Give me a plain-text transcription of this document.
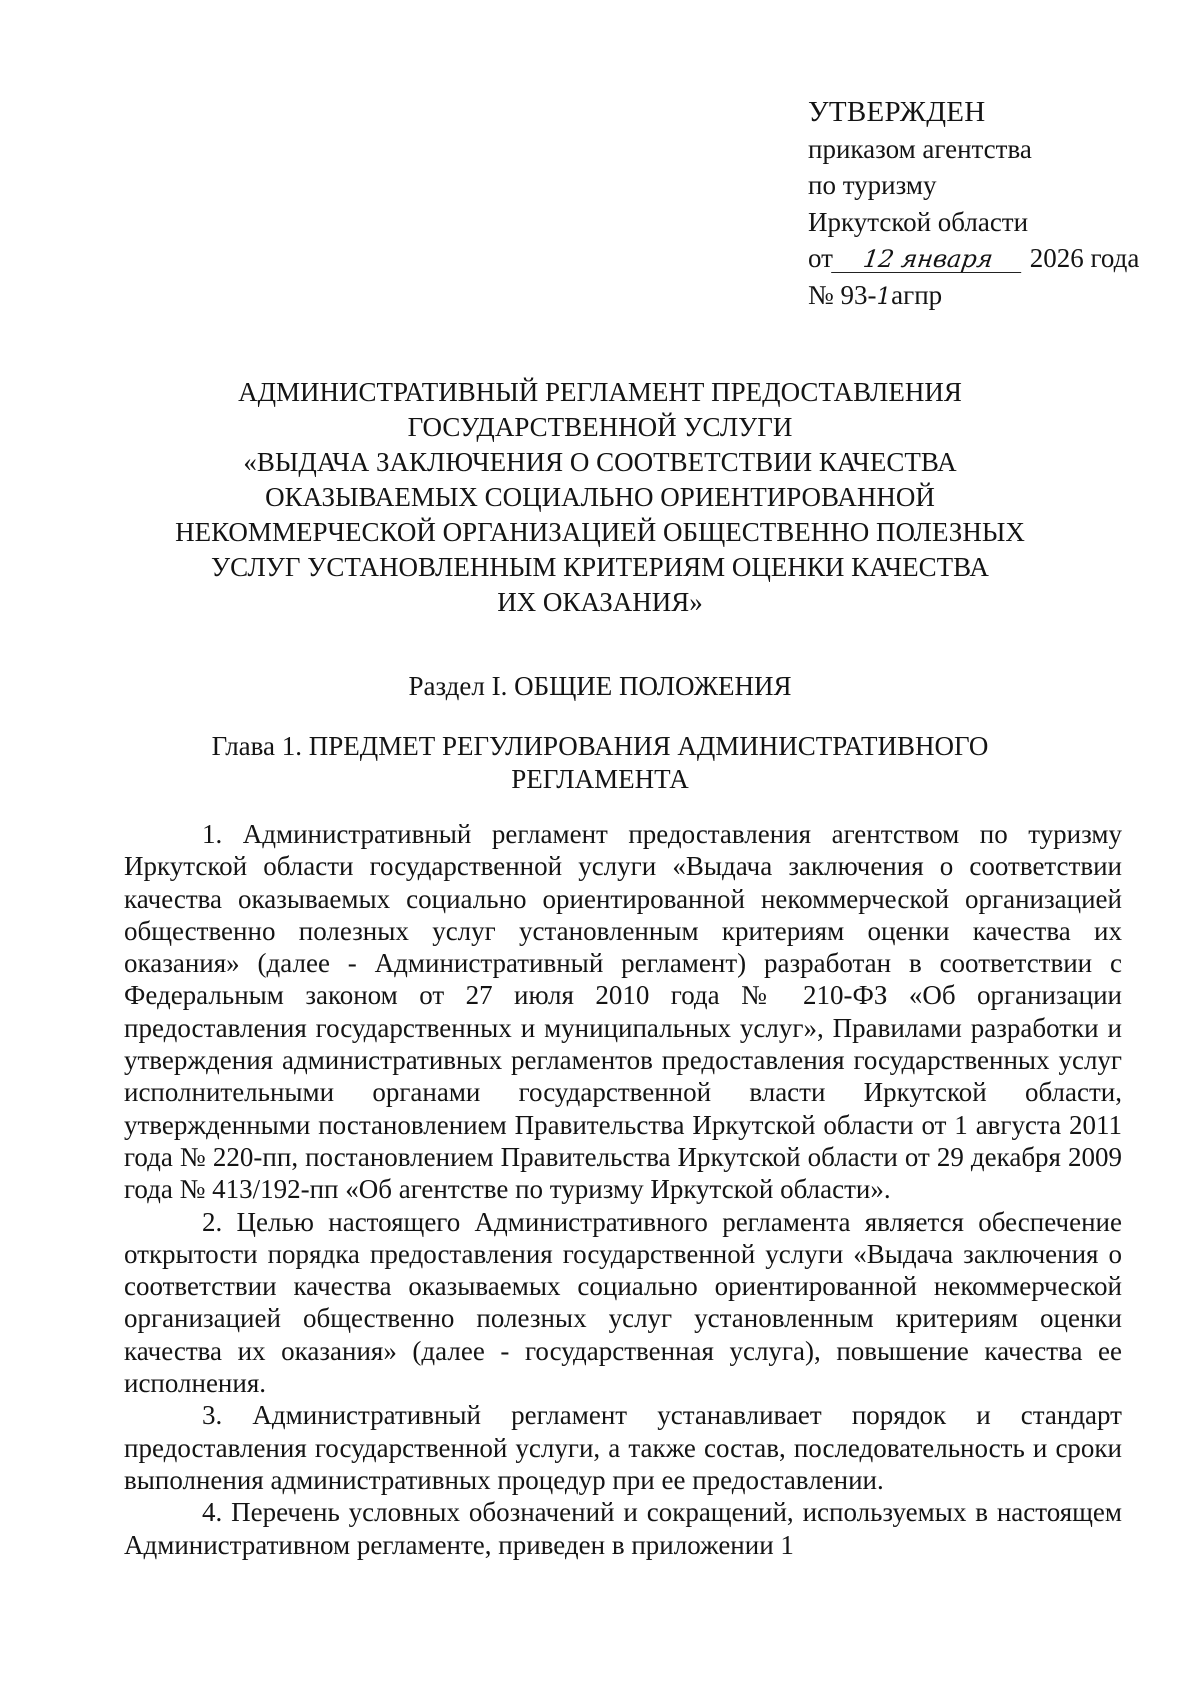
УТВЕРЖДЕН
приказом агентства
по туризму
Иркутской области
от 12 января 2026 года
№ 93-1агпр
АДМИНИСТРАТИВНЫЙ РЕГЛАМЕНТ ПРЕДОСТАВЛЕНИЯ
ГОСУДАРСТВЕННОЙ УСЛУГИ
«ВЫДАЧА ЗАКЛЮЧЕНИЯ О СООТВЕТСТВИИ КАЧЕСТВА
ОКАЗЫВАЕМЫХ СОЦИАЛЬНО ОРИЕНТИРОВАННОЙ
НЕКОММЕРЧЕСКОЙ ОРГАНИЗАЦИЕЙ ОБЩЕСТВЕННО ПОЛЕЗНЫХ
УСЛУГ УСТАНОВЛЕННЫМ КРИТЕРИЯМ ОЦЕНКИ КАЧЕСТВА
ИХ ОКАЗАНИЯ»
Раздел I. ОБЩИЕ ПОЛОЖЕНИЯ
Глава 1. ПРЕДМЕТ РЕГУЛИРОВАНИЯ АДМИНИСТРАТИВНОГО
РЕГЛАМЕНТА

1. Административный регламент предоставления агентством по туризму Иркутской области государственной услуги «Выдача заключения о соответствии качества оказываемых социально ориентированной некоммерческой организацией общественно полезных услуг установленным критериям оценки качества их оказания» (далее - Административный регламент) разработан в соответствии с Федеральным законом от 27 июля 2010 года № 210-ФЗ «Об организации предоставления государственных и муниципальных услуг», Правилами разработки и утверждения административных регламентов предоставления государственных услуг исполнительными органами государственной власти Иркутской области, утвержденными постановлением Правительства Иркутской области от 1 августа 2011 года № 220-пп, постановлением Правительства Иркутской области от 29 декабря 2009 года № 413/192-пп «Об агентстве по туризму Иркутской области».

2. Целью настоящего Административного регламента является обеспечение открытости порядка предоставления государственной услуги «Выдача заключения о соответствии качества оказываемых социально ориентированной некоммерческой организацией общественно полезных услуг установленным критериям оценки качества их оказания» (далее - государственная услуга), повышение качества ее исполнения.

3. Административный регламент устанавливает порядок и стандарт предоставления государственной услуги, а также состав, последовательность и сроки выполнения административных процедур при ее предоставлении.

4. Перечень условных обозначений и сокращений, используемых в настоящем Административном регламенте, приведен в приложении 1
